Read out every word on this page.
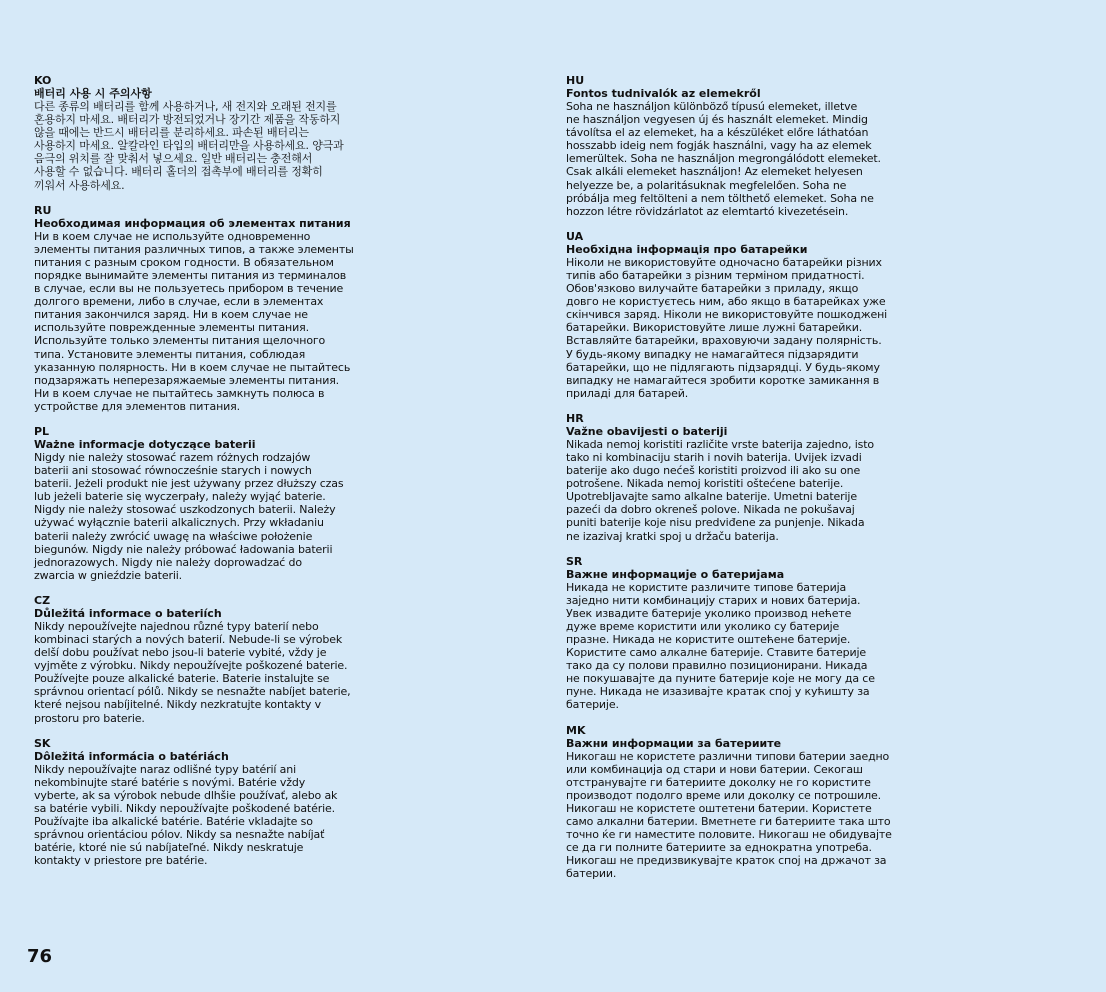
KO

배터리 사용 시 주의사항

다른 종류의 배터리를 함께 사용하거나, 새 전지와 오래된 전지를
혼용하지 마세요. 배터리가 방전되었거나 장기간 제품을 작동하지
않을 때에는 반드시 배터리를 분리하세요. 파손된 배터리는
사용하지 마세요. 알칼라인 타입의 배터리만을 사용하세요. 양극과
음극의 위치를 잘 맞춰서 넣으세요. 일반 배터리는 충전해서
사용할 수 없습니다. 배터리 홀더의 접촉부에 배터리를 정확히
끼워서 사용하세요.

RU

Необходимая информация об элементах питания

Ни в коем случае не используйте одновременно
элементы питания различных типов, а также элементы
питания с разным сроком годности. В обязательном
порядке вынимайте элементы питания из терминалов
в случае, если вы не пользуетесь прибором в течение
долгого времени, либо в случае, если в элементах
питания закончился заряд. Ни в коем случае не
используйте поврежденные элементы питания.
Используйте только элементы питания щелочного
типа. Установите элементы питания, соблюдая
указанную полярность. Ни в коем случае не пытайтесь
подзаряжать неперезаряжаемые элементы питания.
Ни в коем случае не пытайтесь замкнуть полюса в
устройстве для элементов питания.

PL

Ważne informacje dotyczące baterii

Nigdy nie należy stosować razem różnych rodzajów
baterii ani stosować równocześnie starych i nowych
baterii. Jeżeli produkt nie jest używany przez dłuższy czas
lub jeżeli baterie się wyczerpały, należy wyjąć baterie.
Nigdy nie należy stosować uszkodzonych baterii. Należy
używać wyłącznie baterii alkalicznych. Przy wkładaniu
baterii należy zwrócić uwagę na właściwe położenie
biegunów. Nigdy nie należy próbować ładowania baterii
jednorazowych. Nigdy nie należy doprowadzać do
zwarcia w gnieździe baterii.

CZ

Důležitá informace o bateriích

Nikdy nepoužívejte najednou různé typy baterií nebo
kombinaci starých a nových baterií. Nebude-li se výrobek
delší dobu používat nebo jsou-li baterie vybité, vždy je
vyjměte z výrobku. Nikdy nepoužívejte poškozené baterie.
Používejte pouze alkalické baterie. Baterie instalujte se
správnou orientací pólů. Nikdy se nesnažte nabíjet baterie,
které nejsou nabíjitelné. Nikdy nezkratujte kontakty v
prostoru pro baterie.

SK

Dôležitá informácia o batériách

Nikdy nepoužívajte naraz odlišné typy batérií ani
nekombinujte staré batérie s novými. Batérie vždy
vyberte, ak sa výrobok nebude dlhšie používať, alebo ak
sa batérie vybili. Nikdy nepoužívajte poškodené batérie.
Používajte iba alkalické batérie. Batérie vkladajte so
správnou orientáciou pólov. Nikdy sa nesnažte nabíjať
batérie, ktoré nie sú nabíjateľné. Nikdy neskratuje
kontakty v priestore pre batérie.

HU

Fontos tudnivalók az elemekről

Soha ne használjon különböző típusú elemeket, illetve
ne használjon vegyesen új és használt elemeket. Mindig
távolítsa el az elemeket, ha a készüléket előre láthatóan
hosszabb ideig nem fogják használni, vagy ha az elemek
lemerültek. Soha ne használjon megrongálódott elemeket.
Csak alkáli elemeket használjon! Az elemeket helyesen
helyezze be, a polaritásuknak megfelelően. Soha ne
próbálja meg feltölteni a nem tölthető elemeket. Soha ne
hozzon létre rövidzárlatot az elemtartó kivezetésein.

UA

Необхідна інформація про батарейки

Ніколи не використовуйте одночасно батарейки різних
типів або батарейки з різним терміном придатності.
Обов'язково вилучайте батарейки з приладу, якщо
довго не користуєтесь ним, або якщо в батарейках уже
скінчився заряд. Ніколи не використовуйте пошкоджені
батарейки. Використовуйте лише лужні батарейки.
Вставляйте батарейки, враховуючи задану полярність.
У будь-якому випадку не намагайтеся підзарядити
батарейки, що не підлягають підзарядці. У будь-якому
випадку не намагайтеся зробити коротке замикання в
приладі для батарей.

HR

Važne obavijesti o bateriji

Nikada nemoj koristiti različite vrste baterija zajedno, isto
tako ni kombinaciju starih i novih baterija. Uvijek izvadi
baterije ako dugo nećeš koristiti proizvod ili ako su one
potrošene. Nikada nemoj koristiti oštećene baterije.
Upotrebljavajte samo alkalne baterije. Umetni baterije
pazeći da dobro okreneš polove. Nikada ne pokušavaj
puniti baterije koje nisu predviđene za punjenje. Nikada
ne izazivaj kratki spoj u držaču baterija.

SR

Важне информације о батеријама

Никада не користите различите типове батерија
заједно нити комбинацију старих и нових батерија.
Увек извадите батерије уколико производ нећете
дуже време користити или уколико су батерије
празне. Никада не користите оштећене батерије.
Користите само алкалне батерије. Ставите батерије
тако да су полови правилно позиционирани. Никада
не покушавајте да пуните батерије које не могу да се
пуне. Никада не изазивајте кратак спој у кућишту за
батерије.

MK

Важни информации за батериите

Никогаш не користете различни типови батерии заедно
или комбинација од стари и нови батерии. Секогаш
отстранувајте ги батериите доколку не го користите
производот подолго време или доколку се потрошиле.
Никогаш не користете оштетени батерии. Користете
само алкални батерии. Вметнете ги батериите така што
точно ќе ги наместите половите. Никогаш не обидувајте
се да ги полните батериите за еднократна употреба.
Никогаш не предизвикувајте краток спој на држачот за
батерии.

76
